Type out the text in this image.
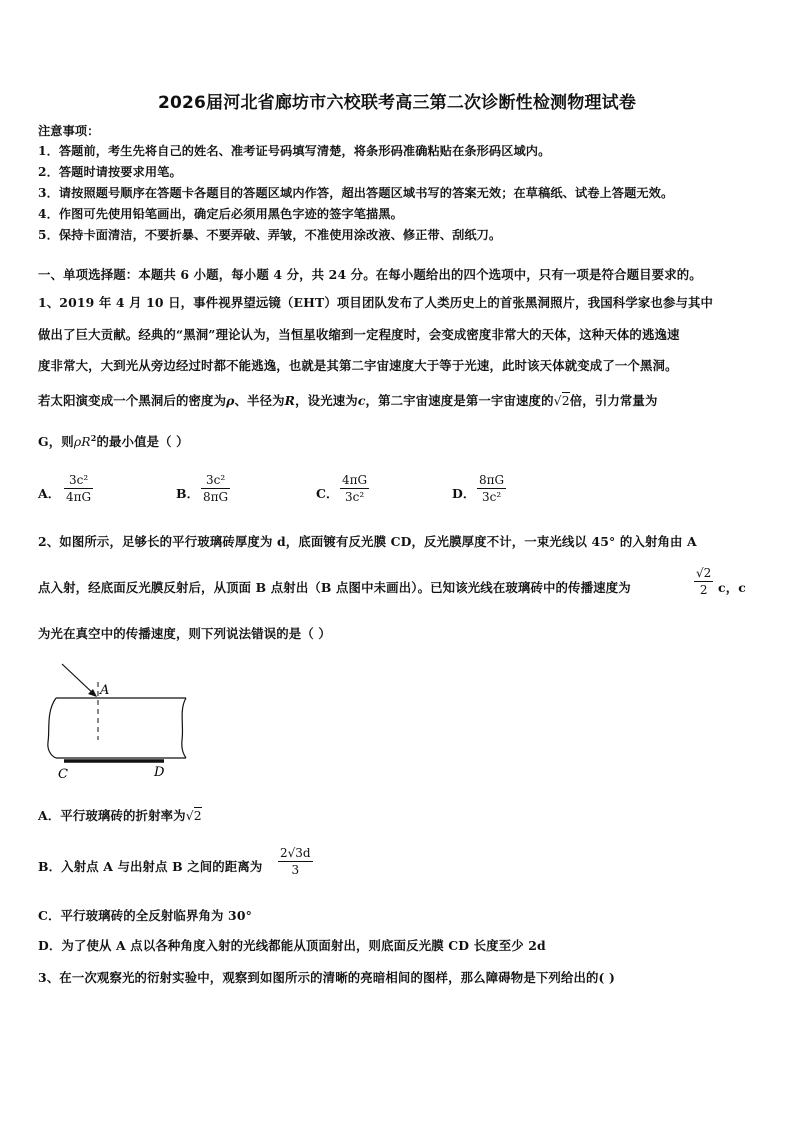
2026届河北省廊坊市六校联考高三第二次诊断性检测物理试卷
注意事项：
1．答题前，考生先将自己的姓名、准考证号码填写清楚，将条形码准确粘贴在条形码区域内。
2．答题时请按要求用笔。
3．请按照题号顺序在答题卡各题目的答题区域内作答，超出答题区域书写的答案无效；在草稿纸、试卷上答题无效。
4．作图可先使用铅笔画出，确定后必须用黑色字迹的签字笔描黑。
5．保持卡面清洁，不要折暴、不要弄破、弄皱，不准使用涂改液、修正带、刮纸刀。
一、单项选择题：本题共 6 小题，每小题 4 分，共 24 分。在每小题给出的四个选项中，只有一项是符合题目要求的。
1、2019 年 4 月 10 日，事件视界望远镜（EHT）项目团队发布了人类历史上的首张黑洞照片，我国科学家也参与其中
做出了巨大贡献。经典的“黑洞”理论认为，当恒星收缩到一定程度时，会变成密度非常大的天体，这种天体的逃逸速
度非常大，大到光从旁边经过时都不能逃逸，也就是其第二宇宙速度大于等于光速，此时该天体就变成了一个黑洞。
若太阳演变成一个黑洞后的密度为ρ、半径为R，设光速为c，第二宇宙速度是第一宇宙速度的√2倍，引力常量为
G，则$\rho R^2$的最小值是（ ）
A．
3c²
4πG	B．
3c²
8πG	C．
4πG
3c²	D．
8πG
3c²
2、如图所示，足够长的平行玻璃砖厚度为 d，底面镀有反光膜 CD，反光膜厚度不计，一束光线以 45° 的入射角由 A
点入射，经底面反光膜反射后，从顶面 B 点射出（B 点图中未画出）。已知该光线在玻璃砖中的传播速度为
√2
2 c，c
为光在真空中的传播速度，则下列说法错误的是（ ）
A
C	D
A．平行玻璃砖的折射率为√2
B．入射点 A 与出射点 B 之间的距离为
2√3d
3
C．平行玻璃砖的全反射临界角为 30°
D．为了使从 A 点以各种角度入射的光线都能从顶面射出，则底面反光膜 CD 长度至少 2d
3、在一次观察光的衍射实验中，观察到如图所示的清晰的亮暗相间的图样，那么障碍物是下列给出的( )
